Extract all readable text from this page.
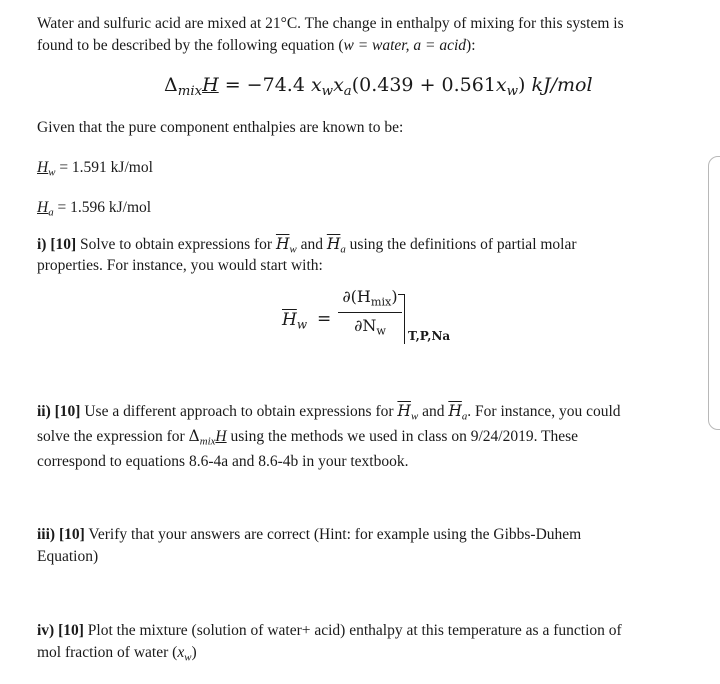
Water and sulfuric acid are mixed at 21°C. The change in enthalpy of mixing for this system is
found to be described by the following equation (w = water, a = acid):
$\Delta_{mix}H = -74.4$ $x_wx_a(0.439 + 0.561x_w)$ kJ/mol
Given that the pure component enthalpies are known to be:
$H_w = 1.591$ kJ/mol
$H_a = 1.596$ kJ/mol
i) [10] Solve to obtain expressions for $\overline{H}_w$ and $\overline{H}_a$ using the definitions of partial molar
properties. For instance, you would start with:
$\overline{H}_w$ =
$\partial(H_{mix})$
$\partial N_w$	T,P,Na
ii) [10] Use a different approach to obtain expressions for $\overline{H}_w$ and $\overline{H}_a$. For instance, you could
solve the expression for $\Delta_{mix}H$ using the methods we used in class on 9/24/2019. These
correspond to equations 8.6-4a and 8.6-4b in your textbook.
iii) [10] Verify that your answers are correct (Hint: for example using the Gibbs-Duhem
Equation)
iv) [10] Plot the mixture (solution of water+ acid) enthalpy at this temperature as a function of
mol fraction of water $(x_w)$
